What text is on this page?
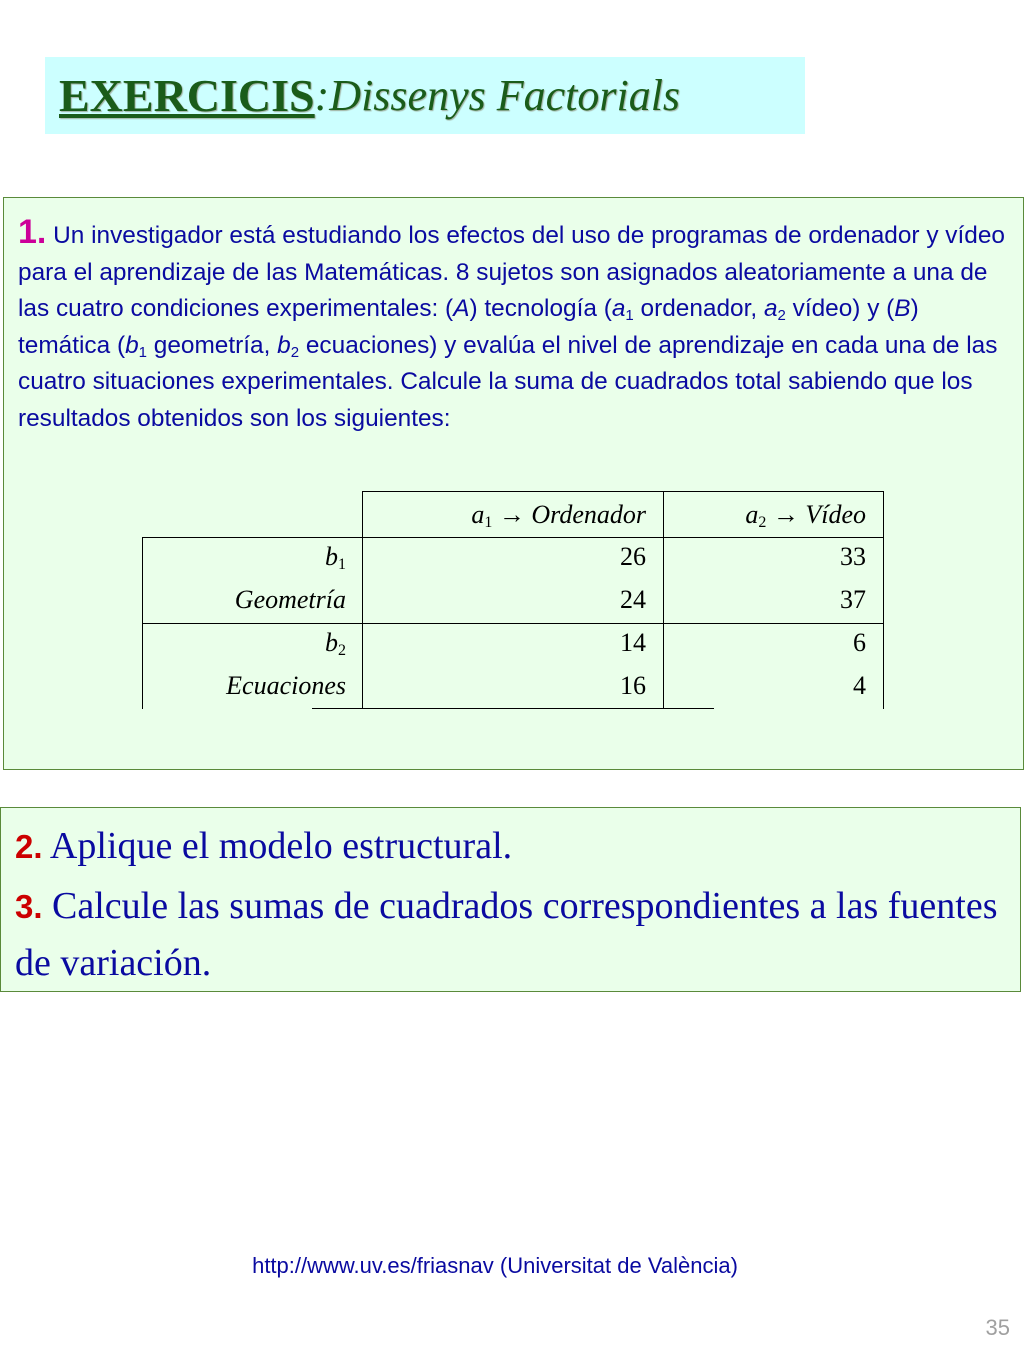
EXERCICIS : Dissenys Factorials

1. Un investigador está estudiando los efectos del uso de programas de ordenador y vídeo para el aprendizaje de las Matemáticas. 8 sujetos son asignados aleatoriamente a una de las cuatro condiciones experimentales: (A) tecnología ($a_1$ ordenador, $a_2$ vídeo) y (B) temática ($b_1$ geometría, $b_2$ ecuaciones) y evalúa el nivel de aprendizaje en cada una de las cuatro situaciones experimentales. Calcule la suma de cuadrados total sabiendo que los resultados obtenidos son los siguientes:

$a_1$ → Ordenador	$a_2$ → Vídeo
$b_1$
Geometría
26
24
33
37
$b_2$
Ecuaciones
14
16
6
4

2. Aplique el modelo estructural.

3. Calcule las sumas de cuadrados correspondientes a las fuentes de variación.

http://www.uv.es/friasnav (Universitat de València)
35
